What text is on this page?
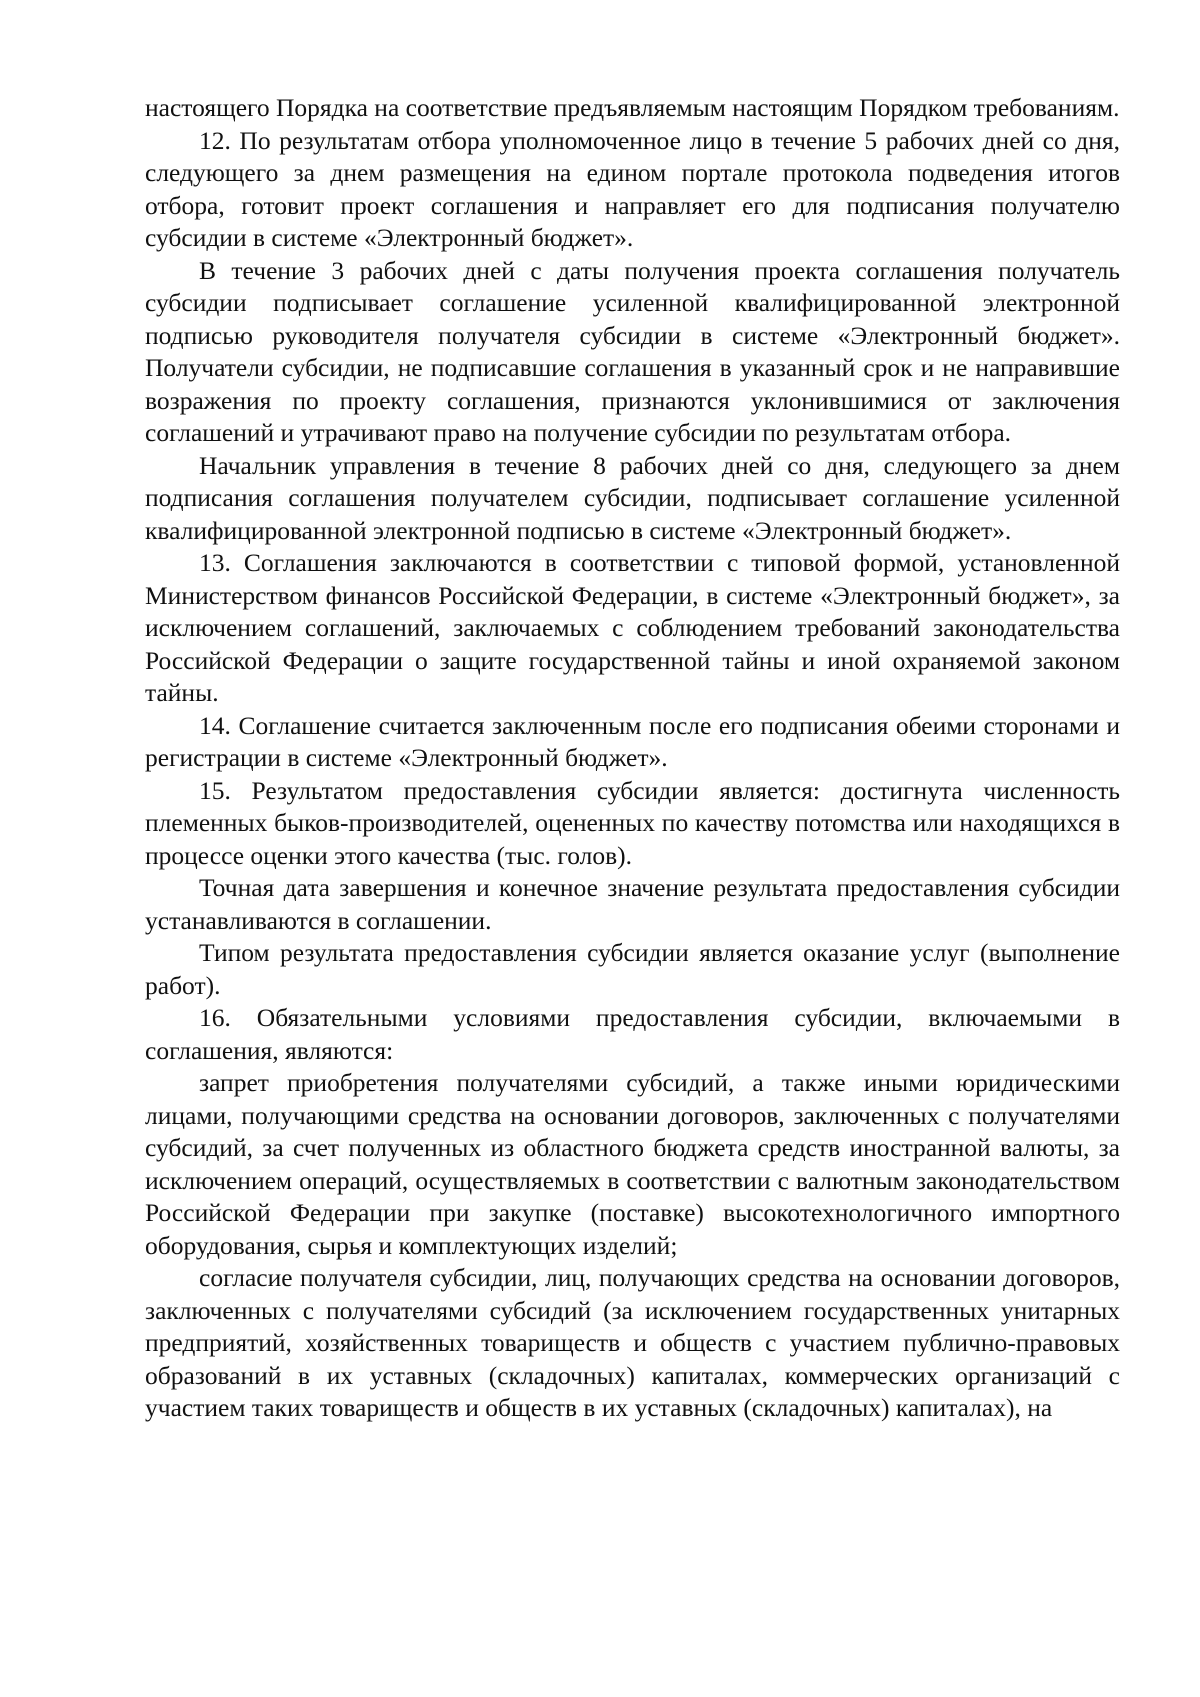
настоящего Порядка на соответствие предъявляемым настоящим Порядком требованиям.

12. По результатам отбора уполномоченное лицо в течение 5 рабочих дней со дня, следующего за днем размещения на едином портале протокола подведения итогов отбора, готовит проект соглашения и направляет его для подписания получателю субсидии в системе «Электронный бюджет».

В течение 3 рабочих дней с даты получения проекта соглашения получатель субсидии подписывает соглашение усиленной квалифицированной электронной подписью руководителя получателя субсидии в системе «Электронный бюджет». Получатели субсидии, не подписавшие соглашения в указанный срок и не направившие возражения по проекту соглашения, признаются уклонившимися от заключения соглашений и утрачивают право на получение субсидии по результатам отбора.

Начальник управления в течение 8 рабочих дней со дня, следующего за днем подписания соглашения получателем субсидии, подписывает соглашение усиленной квалифицированной электронной подписью в системе «Электронный бюджет».

13. Соглашения заключаются в соответствии с типовой формой, установленной Министерством финансов Российской Федерации, в системе «Электронный бюджет», за исключением соглашений, заключаемых с соблюдением требований законодательства Российской Федерации о защите государственной тайны и иной охраняемой законом тайны.

14. Соглашение считается заключенным после его подписания обеими сторонами и регистрации в системе «Электронный бюджет».

15. Результатом предоставления субсидии является: достигнута численность племенных быков-производителей, оцененных по качеству потомства или находящихся в процессе оценки этого качества (тыс. голов).

Точная дата завершения и конечное значение результата предоставления субсидии устанавливаются в соглашении.

Типом результата предоставления субсидии является оказание услуг (выполнение работ).

16. Обязательными условиями предоставления субсидии, включаемыми в соглашения, являются:

запрет приобретения получателями субсидий, а также иными юридическими лицами, получающими средства на основании договоров, заключенных с получателями субсидий, за счет полученных из областного бюджета средств иностранной валюты, за исключением операций, осуществляемых в соответствии с валютным законодательством Российской Федерации при закупке (поставке) высокотехнологичного импортного оборудования, сырья и комплектующих изделий;

согласие получателя субсидии, лиц, получающих средства на основании договоров, заключенных с получателями субсидий (за исключением государственных унитарных предприятий, хозяйственных товариществ и обществ с участием публично-правовых образований в их уставных (складочных) капиталах, коммерческих организаций с участием таких товариществ и обществ в их уставных (складочных) капиталах), на
